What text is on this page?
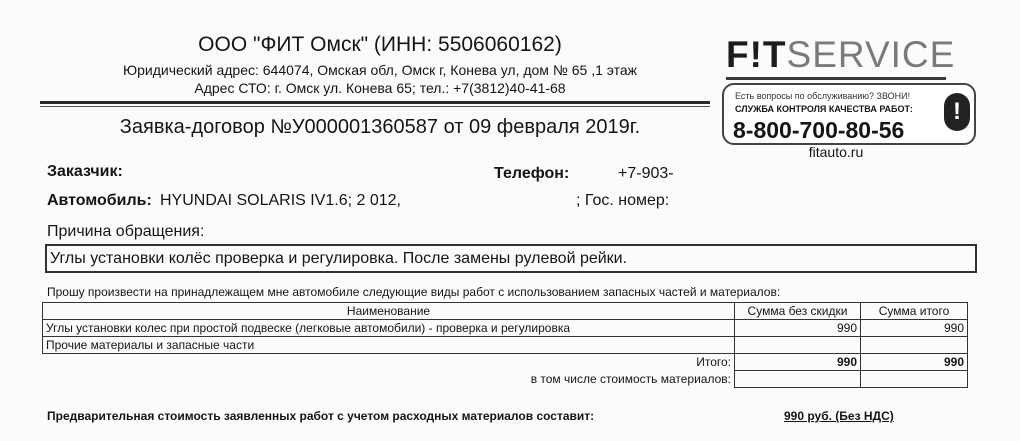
ООО "ФИТ Омск" (ИНН: 5506060162)
Юридический адрес: 644074, Омская обл, Омск г, Конева ул, дом № 65 ,1 этаж
Адрес СТО: г. Омск ул. Конева 65; тел.: +7(3812)40-41-68
Заявка-договор №У000001360587 от 09 февраля 2019г.
F!TSERVICE
Есть вопросы по обслуживанию? ЗВОНИ!
СЛУЖБА КОНТРОЛЯ КАЧЕСТВА РАБОТ:
8-800-700-80-56
!
fitauto.ru
Заказчик:	Телефон:	+7-903-
Автомобиль: HYUNDAI SOLARIS IV1.6; 2 012,	; Гос. номер:
Причина обращения:
Углы установки колёс проверка и регулировка. После замены рулевой рейки.
Прошу произвести на принадлежащем мне автомобиле следующие виды работ с использованием запасных частей и материалов:
Наименование	Сумма без скидки	Сумма итого
Углы установки колес при простой подвеске (легковые автомобили) - проверка и регулировка	990	990
Прочие материалы и запасные части		
Итого:	990	990
в том числе стоимость материалов:		
Предварительная стоимость заявленных работ с учетом расходных материалов составит:	990 руб. (Без НДС)
